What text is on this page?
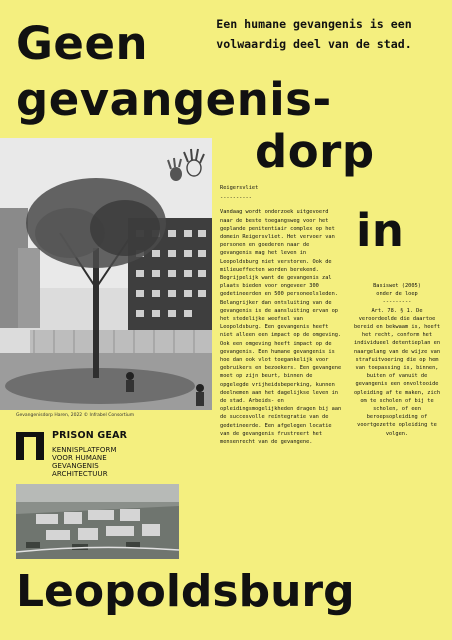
Geen
gevangenis-
dorp
in
Een humane gevangenis is een
volwaardig deel van de stad.
Gevangenisdorp Haren, 2022 © Infrabel Consortium
PRISON GEAR
KENNISPLATFORM
VOOR HUMANE
GEVANGENIS
ARCHITECTUUR
Reigersvliet
----------
Vandaag wordt onderzoek uitgevoerd naar de beste toegangsweg voor het geplande penitentiair complex op het domein Reigersvliet. Het vervoer van personen en goederen naar de gevangenis mag het leven in Leopoldsburg niet verstoren. Ook de milieueffecten worden berekend. Begrijpelijk want de gevangenis zal plaats bieden voor ongeveer 300 gedetineerden en 500 personeelsleden. Belangrijker dan ontsluiting van de gevangenis is de aansluiting ervan op het stedelijke weefsel van Leopoldsburg. Een gevangenis heeft niet alleen een impact op de omgeving. Ook een omgeving heeft impact op de gevangenis. Een humane gevangenis is hoe dan ook vlot toegankelijk voor gebruikers en bezoekers. Een gevangene moet op zijn beurt, binnen de opgelegde vrijheidsbeperking, kunnen deelnemen aan het dagelijkse leven in de stad. Arbeids- en opleidingsmogelijkheden dragen bij aan de succesvolle reïntegratie van de gedetineerde. Een afgelegen locatie van de gevangenis frustreert het mensenrecht van de gevangene.
Basiswet (2005)
onder de loep
---------
Art. 78. § 1. De veroordeelde die daartoe bereid en bekwaam is, heeft het recht, conform het individueel detentieplan en naargelang van de wijze van strafuitvoering die op hem van toepassing is, binnen, buiten of vanuit de gevangenis een onvoltooide opleiding af te maken, zich om te scholen of bij te scholen, of een beroepsopleiding of voortgezette opleiding te volgen.
Leopoldsburg
